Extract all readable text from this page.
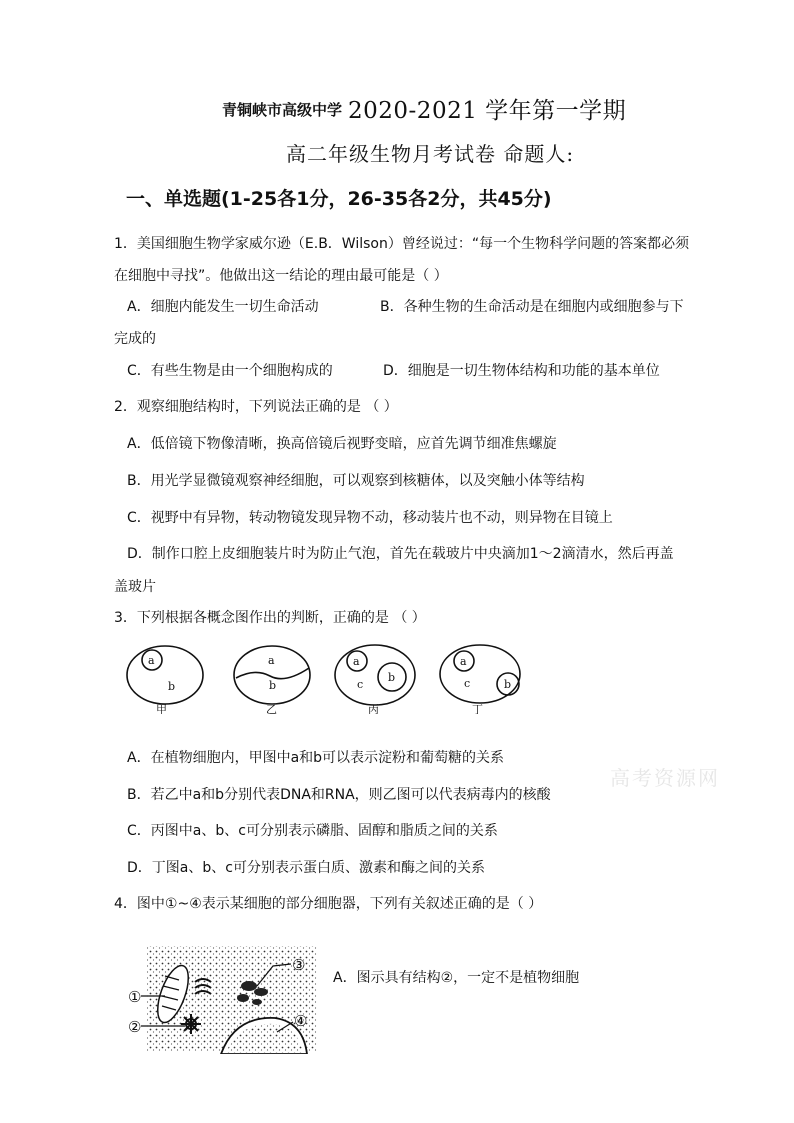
青铜峡市高级中学 2020-2021 学年第一学期
高二年级生物月考试卷 命题人:
一、单选题(1-25各1分，26-35各2分，共45分)
1．美国细胞生物学家威尔逊（E.B．Wilson）曾经说过：“每一个生物科学问题的答案都必须
在细胞中寻找”。他做出这一结论的理由最可能是（ ）
A．细胞内能发生一切生命活动	B．各种生物的生命活动是在细胞内或细胞参与下
完成的
C．有些生物是由一个细胞构成的	D．细胞是一切生物体结构和功能的基本单位
2．观察细胞结构时，下列说法正确的是 （ ）
A．低倍镜下物像清晰，换高倍镜后视野变暗，应首先调节细准焦螺旋
B．用光学显微镜观察神经细胞，可以观察到核糖体，以及突触小体等结构
C．视野中有异物，转动物镜发现异物不动，移动装片也不动，则异物在目镜上
D．制作口腔上皮细胞装片时为防止气泡，首先在载玻片中央滴加1～2滴清水，然后再盖
盖玻片
3．下列根据各概念图作出的判断，正确的是 （ ）
a
b
a
b
a
b
c
a
b
c
甲	乙	丙	丁
A．在植物细胞内，甲图中a和b可以表示淀粉和葡萄糖的关系
B．若乙中a和b分别代表DNA和RNA，则乙图可以代表病毒内的核酸
C．丙图中a、b、c可分别表示磷脂、固醇和脂质之间的关系
D．丁图a、b、c可分别表示蛋白质、激素和酶之间的关系
高考资源网
4．图中①~④表示某细胞的部分细胞器，下列有关叙述正确的是（ ）
①
②
③
④
A．图示具有结构②，一定不是植物细胞
